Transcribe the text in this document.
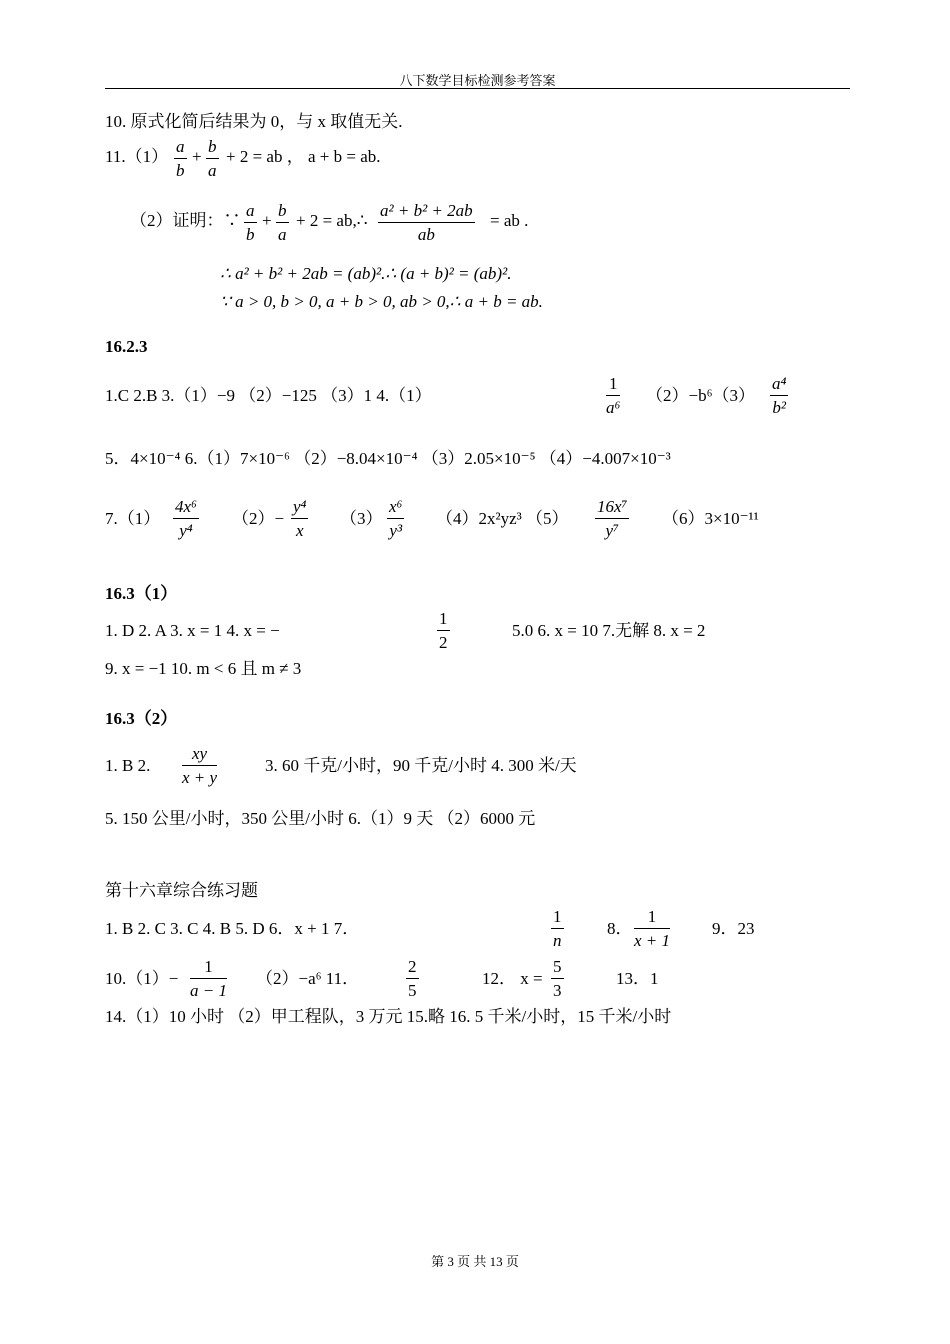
八下数学目标检测参考答案
10. 原式化简后结果为 0，与 x 取值无关.
$11.(1) \frac{a}{b} + \frac{b}{a} + 2$ = ab ， a + b = ab.
（2）证明：∵ $\frac{a}{b} + \frac{b}{a} + 2$ = ab,∴ $\frac{\text{a² + b² + 2ab}}{ab}$ = ab .
∴ a² + b² + 2ab = (ab)².∴ (a + b)² = (ab)².
∵ a > 0, b > 0, a + b > 0, ab > 0,∴ a + b = ab.
16.2.3
1.C 2.B 3.（1）−9 （2）−125 （3）1 4.（1）	$\frac{1}{\text{a⁶}} (2)-b^6(3) \frac{\text{a⁴}}{\text{b²}}$
5．4×10⁻⁴ 6.（1）7×10⁻⁶ （2）−8.04×10⁻⁴ （3）2.05×10⁻⁵ （4）−4.007×10⁻³
$7.(1) \frac{\text{4x⁶}}{\text{y⁴}} (2)- \frac{\text{y⁴}}{x} (3) \frac{\text{x⁶}}{\text{y³}} (4)2x^2yz^3$ $(5) \frac{\text{16x⁷}}{\text{y⁷}} (6)3\times 10^{-11}$
16.3（1）
1. D 2. A 3. x = 1 4. x = −	$\frac{1}{2}$	5.0 6. x = 10 7.无解 8. x = 2
9. x = −1 10. m < 6 且 m ≠ 3
16.3（2）
1. B 2. $\frac{xy}{x + y}$	3. 60 千克/小时，90 千克/小时 4. 300 米/天
5. 150 公里/小时，350 公里/小时 6.（1）9 天 （2）6000 元
第十六章综合练习题
1. B 2. C 3. C 4. B 5. D 6．x + 1 7．	$\frac{1}{n}$	8． $\frac{1}{x + 1} 9$．23
$10.(1)- \frac{1}{a - 1} (2)-a^6$ 11．	$\frac{2}{5}$	12． $x = \frac{5}{3}$	13．1
14.（1）10 小时 （2）甲工程队，3 万元 15.略 16. 5 千米/小时，15 千米/小时
第 3 页 共 13 页
